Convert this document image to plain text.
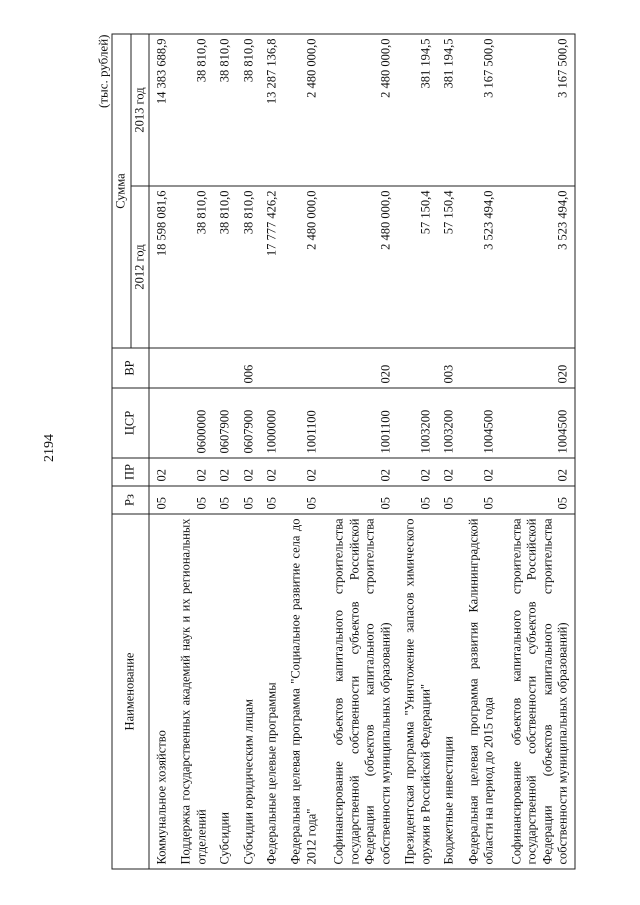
2194
(тыс. рублей)
Наименование	Рз	ПР	ЦСР	ВР	Сумма	
					2012 год	2013 год
Коммунальное хозяйство	05	02			18 598 081,6	14 383 688,9
Поддержка государственных академий наук и их региональных отделений	05	02	0600000		38 810,0	38 810,0
Субсидии	05	02	0607900		38 810,0	38 810,0
Субсидии юридическим лицам	05	02	0607900	006	38 810,0	38 810,0
Федеральные целевые программы	05	02	1000000		17 777 426,2	13 287 136,8
Федеральная целевая программа "Социальное развитие села до 2012 года"	05	02	1001100		2 480 000,0	2 480 000,0
Софинансирование объектов капитального строительства государственной собственности субъектов Российской Федерации (объектов капитального строительства собственности муниципальных образований)	05	02	1001100	020	2 480 000,0	2 480 000,0
Президентская программа "Уничтожение запасов химического оружия в Российской Федерации"	05	02	1003200		57 150,4	381 194,5
Бюджетные инвестиции	05	02	1003200	003	57 150,4	381 194,5
Федеральная целевая программа развития Калининградской области на период до 2015 года	05	02	1004500		3 523 494,0	3 167 500,0
Софинансирование объектов капитального строительства государственной собственности субъектов Российской Федерации (объектов капитального строительства собственности муниципальных образований)	05	02	1004500	020	3 523 494,0	3 167 500,0
